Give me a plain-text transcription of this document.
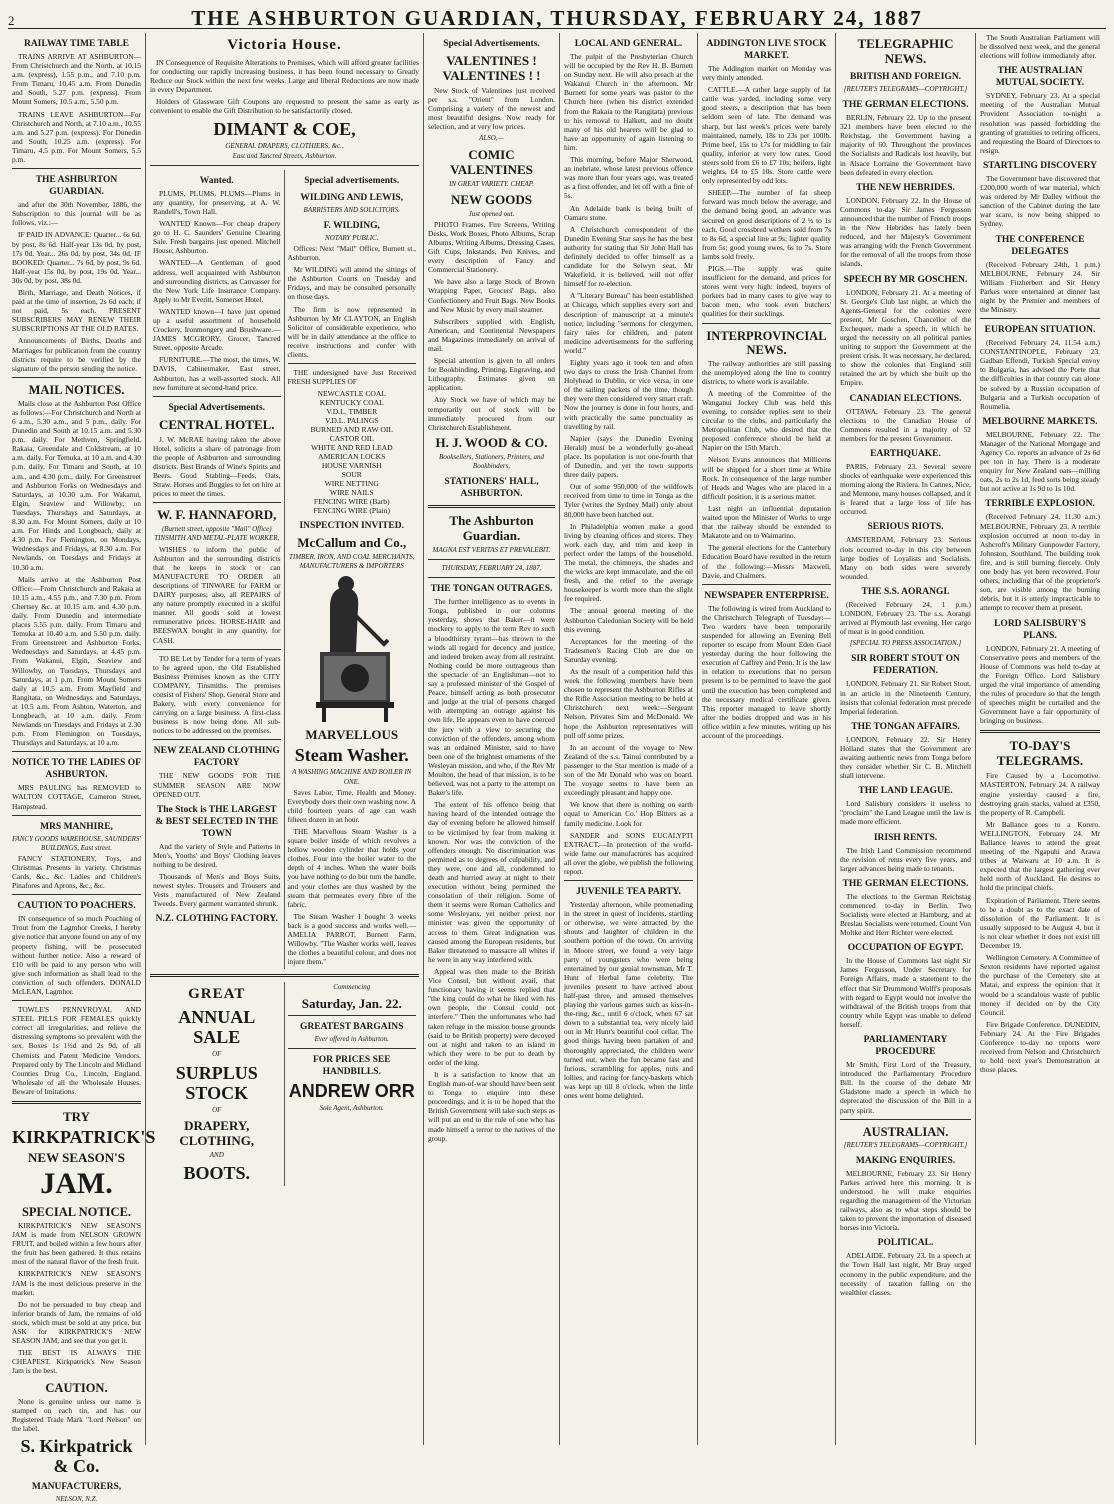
2	THE ASHBURTON GUARDIAN, THURSDAY, FEBRUARY 24, 1887
RAILWAY TIME TABLE

TRAINS ARRIVE AT ASHBURTON—From Christchurch and the North, at 10.15 a.m. (express), 1.55 p.m., and 7.10 p.m. From Timaru, 10.45 a.m. From Dunedin and South, 5.27 p.m. (express). From Mount Somers, 10.5 a.m., 5.50 p.m.

TRAINS LEAVE ASHBURTON—For Christchurch and North, at 7.10 a.m., 10.55 a.m. and 5.27 p.m. (express). For Dunedin and South, 10.25 a.m. (express). For Timaru, 4.5 p.m. For Mount Somers, 5.5 p.m.

THE ASHBURTON GUARDIAN.

and after the 30th November, 1886, the Subscription to this journal will be as follows, viz.:—

IF PAID IN ADVANCE: Quarter... 6s 6d, by post, 8s 6d. Half-year 13s 0d, by post, 17s 0d. Year... 26s 0d, by post, 34s 0d. IF BOOKED: Quarter... 7s 6d, by post, 9s 6d. Half-year 15s 0d, by post, 19s 0d. Year... 30s 0d, by post, 38s 0d.

Birth, Marriage, and Death Notices, if paid at the time of insertion, 2s 6d each; if not paid, 5s each. PRESENT SUBSCRIBERS MAY RENEW THEIR SUBSCRIPTIONS AT THE OLD RATES.

Announcements of Births, Deaths and Marriages for publication from the country districts require to be verified by the signature of the person sending the notice.

MAIL NOTICES.

Mails close at the Ashburton Post Office as follows:—For Christchurch and North at 6 a.m., 5.30 a.m., and 5 p.m., daily. For Dunedin and South at 10.15 a.m. and 5.30 p.m. daily. For Methven, Springfield, Rakaia, Greendale and Coldstream, at 10 a.m. daily. For Temuka, at 10 a.m. and 4.30 p.m. daily. For Timaru and South, at 10 a.m., and 4.30 p.m., daily. For Greenstreet and Ashburton Forks on Wednesdays and Saturdays, at 10.30 a.m. For Wakanui, Elgin, Seaview and Willowby, on Tuesdays, Thursdays and Saturdays, at 8.30 a.m. For Mount Somers, daily at 10 a.m. For Hinds and Longbeach, daily at 4.30 p.m. For Flemington, on Mondays, Wednesdays and Fridays, at 8.30 a.m. For Newlands, on Tuesdays and Fridays at 10.30 a.m.

Mails arrive at the Ashburton Post Office:—From Christchurch and Rakaia at 10.15 a.m., 4.55 p.m., and 7.30 p.m. From Chertsey &c. at 10.15 a.m. and 4.30 p.m. daily. From Dunedin and intermediate places 5.55 p.m. daily. From Timaru and Temuka at 10.40 a.m. and 5.50 p.m. daily. From Greenstreet and Ashburton Forks, Wednesdays and Saturdays, at 4.45 p.m. From Wakanui, Elgin, Seaview and Willowby, on Tuesdays, Thursdays and Saturdays, at 1 p.m. From Mount Somers daily at 10.5 a.m. From Mayfield and Rangitata, on Wednesdays and Saturdays, at 10.5 a.m. From Ashton, Waterton, and Longbeach, at 10 a.m. daily. From Newlands on Tuesdays and Fridays at 2.30 p.m. From Flemington on Tuesdays, Thursdays and Saturdays, at 10 a.m.

NOTICE TO THE LADIES OF ASHBURTON.

MRS PAULING has REMOVED to WALTON COTTAGE, Cameron Street, Hampstead.

MRS MANHIRE,
FANCY GOODS WAREHOUSE, SAUNDERS' BUILDINGS, East street.

FANCY STATIONERY, Toys, and Christmas Presents in variety. Christmas Cards, &c., &c. Ladies and Children's Pinafores and Aprons, &c., &c.

CAUTION TO POACHERS.

IN consequence of so much Poaching of Trout from the Lagmhor Creeks, I hereby give notice that anyone found on any of my property fishing, will be prosecuted without further notice. Also a reward of £10 will be paid to any person who will give such information as shall lead to the conviction of such offenders. DONALD McLEAN, Lagmhor.

TOWLE'S PENNYROYAL AND STEEL PILLS FOR FEMALES quickly correct all irregularities, and relieve the distressing symptoms so prevalent with the sex. Boxes 1s 1½d and 2s 9d, of all Chemists and Patent Medicine Vendors. Prepared only by The Lincoln and Midland Counties Drug Co., Lincoln, England. Wholesale of all the Wholesale Houses. Beware of Imitations.

TRY
KIRKPATRICK'S
NEW SEASON'S
JAM.
SPECIAL NOTICE.

KIRKPATRICK'S NEW SEASON'S JAM is made from NELSON GROWN FRUIT, and boiled within a few hours after the fruit has been gathered. It thus retains most of the natural flavor of the fresh fruit.

KIRKPATRICK'S NEW SEASON'S JAM is the most delicious preserve in the market.

Do not be persuaded to buy cheap and inferior brands of Jam, the remains of old stock, which must be sold at any price, but ASK for KIRKPATRICK'S NEW SEASON JAM, and see that you get it.

THE BEST IS ALWAYS THE CHEAPEST. Kirkpatrick's New Season Jam is the best.

CAUTION.

None is genuine unless our name is stamped on each tin, and has our Registered Trade Mark "Lord Nelson" on the label.

S. Kirkpatrick & Co.
MANUFACTURERS,
NELSON, N.Z.
Victoria House.

IN Consequence of Requisite Alterations to Premises, which will afford greater facilities for conducting our rapidly increasing business, it has been found necessary to Greatly Reduce our Stock within the next few weeks. Large and liberal Reductions are now made in every Department.

Holders of Glassware Gift Coupons are requested to present the same as early as convenient to enable the Gift Distribution to be satisfactorily closed.

DIMANT & COE,
GENERAL DRAPERS, CLOTHIERS, &c.,
East and Tancred Streets, Ashburton.
Wanted.

PLUMS, PLUMS, PLUMS—Plums in any quantity, for preserving, at A. W. Randell's, Town Hall.

WANTED Known—For cheap drapery go to H. C. Saunders' Genuine Clearing Sale. Fresh bargains just opened. Mitchell House, Ashburton.

WANTED—A Gentleman of good address, well acquainted with Ashburton and surrounding districts, as Canvasser for the New York Life Insurance Company. Apply to Mr Everitt, Somerset Hotel.

WANTED known—I have just opened up a useful assortment of household Crockery, Ironmongery and Brushware.—JAMES MCGRORY, Grocer, Tancred Street, opposite Arcade.

FURNITURE.—The most, the times, W. DAVIS, Cabinetmaker, East street, Ashburton, has a well-assorted stock. All new furniture at second-hand price.

Special Advertisements.
CENTRAL HOTEL.

J. W. McRAE having taken the above Hotel, solicits a share of patronage from the people of Ashburton and surrounding districts. Best Brands of Wine's Spirits and Beers. Good Stabling—Feeds, Oats, Straw. Horses and Buggies to let on hire at prices to meet the times.

W. F. HANNAFORD,
(Burnett street, opposite "Mail" Office) TINSMITH AND METAL-PLATE WORKER,

WISHES to inform the public of Ashburton and the surrounding districts that he keeps in stock or can MANUFACTURE TO ORDER all descriptions of TINWARE for FARM or DAIRY purposes; also, all REPAIRS of any nature promptly executed in a skilful manner. All goods sold at lowest remunerative prices. HORSE-HAIR and BEESWAX bought in any quantity, for CASH.

TO BE Let by Tender for a term of years to be agreed upon, the Old Established Business Premises known as the CITY COMPANY, Tinsmiths. The premises consist of Fishers' Shop, General Store and Bakery, with every convenience for carrying on a large business. A first-class business is now being done. All sub-notices to be addressed on the premises.

NEW ZEALAND CLOTHING FACTORY

THE NEW GOODS FOR THE SUMMER SEASON ARE NOW OPENED OUT.

The Stock is THE LARGEST & BEST SELECTED IN THE TOWN

And the variety of Style and Patterns in Men's, Youths' and Boys' Clothing leaves nothing to be desired.

Thousands of Men's and Boys Suits, newest styles. Trousers and Trousers and Vests manufactured of New Zealand Tweeds. Every garment warranted shrunk.

N.Z. CLOTHING FACTORY.
Special advertisements.
WILDING AND LEWIS,
BARRISTERS AND SOLICITORS.
F. WILDING,
NOTARY PUBLIC.

Offices: Next "Mail" Office, Burnett st., Ashburton.

Mr WILDING will attend the sittings of the Ashburton Courts on Tuesday and Fridays, and may be consulted personally on those days.

The firm is now represented in Ashburton by Mr CLAYTON, an English Solicitor of considerable experience, who will be in daily attendance at the office to receive instructions and confer with clients.

THE undersigned have Just Received FRESH SUPPLIES OF

NEWCASTLE COAL
KENTUCKY COAL
V.D.L. TIMBER
V.D.L. PALINGS
BURNED AND RAW OIL
CASTOR OIL
WHITE AND RED LEAD
AMERICAN LOCKS
HOUSE VARNISH
SOUR
WIRE NETTING
WIRE NAILS
FENCING WIRE (Barb)
FENCING WIRE (Plain)
INSPECTION INVITED.
McCallum and Co.,
TIMBER, IRON, AND COAL MERCHANTS, MANUFACTURERS & IMPORTERS
MARVELLOUS
Steam Washer.
A WASHING MACHINE AND BOILER IN ONE.

Saves Labor, Time, Health and Money. Everybody does their own washing now. A child fourteen years of age can wash fifteen dozen in an hour.

THE Marvellous Steam Washer is a square boiler inside of which revolves a hollow wooden cylinder that holds your clothes. Four into the boiler water to the depth of 4 inches. When the water boils you have nothing to do but turn the handle, and your clothes are thus washed by the steam that permeates every fibre of the fabric.

The Steam Washer I bought 3 weeks back is a good success and works well.—AMELIA PARROT, Burnett Farm, Willowby. "The Washer works well, leaves the clothes a beautiful colour, and does not injure them."

GREAT
ANNUAL SALE
OF
SURPLUS STOCK
OF
DRAPERY, CLOTHING,
AND
BOOTS.
Commencing
Saturday, Jan. 22.
GREATEST BARGAINS
Ever offered in Ashburton.
FOR PRICES SEE HANDBILLS.
ANDREW ORR
Sole Agent, Ashburton.
Special Advertisements.
VALENTINES ! VALENTINES ! !

New Stock of Valentines just received per s.s. "Orient" from London. Comprising a variety of the newest and most beautiful designs. Now ready for selection, and at very low prices.

ALSO,—
COMIC VALENTINES
IN GREAT VARIETY. CHEAP.
NEW GOODS
Just opened out.

PHOTO Frames, Fire Screens, Writing Desks, Work Boxes, Photo Albums, Scrap Albums, Writing Albums, Dressing Cases, Gift Cups, Inkstands, Pen Knives, and every description of Fancy and Commercial Stationery.

We have also a large Stock of Brown Wrapping Paper, Grocers' Bags, also Confectionery and Fruit Bags. New Books and New Music by every mail steamer.

Subscribers supplied with English, American, and Continental Newspapers and Magazines immediately on arrival of mail.

Special attention is given to all orders for Bookbinding, Printing, Engraving, and Lithography. Estimates given on application.

Any Stock we have of which may be temporarily out of stock will be immediately procured from our Christchurch Establishment.

H. J. WOOD & CO.
Booksellers, Stationers, Printers, and Bookbinders,
STATIONERS' HALL, ASHBURTON.
The Ashburton Guardian.
MAGNA EST VERITAS ET PREVALEBIT.
THURSDAY, FEBRUARY 24, 1887.
THE TONGAN OUTRAGES.

The further intelligence as to events in Tonga, published in our columns yesterday, shows that Baker—it were mockery to apply to the term Rev to such a bloodthirsty tyrant—has thrown to the winds all regard for decency and justice, and indeed broken away from all restraint. Nothing could be more outrageous than the spectacle of an Englishman—not to say a professed minister of the Gospel of Peace, himself acting as both prosecutor and judge at the trial of persons charged with attempting an outrage against his own life. He appears even to have coerced the jury with a view to securing the conviction of the offenders, among whom was an ordained Minister, said to have been one of the brightest ornaments of the Wesleyan mission, and who, if the Rev Mr Moulton, the head of that mission, is to be believed, was not a party to the attempt on Baker's life.

The extent of his offence being that having heard of the intended outrage the day of evening before he allowed himself to be victimised by fear from making it known. Nor was the conviction of the offenders enough. No discrimination was permitted as to degrees of culpability, and they were, one and all, condemned to death and hurried away at night to their execution without being permitted the consolation of their religion. Some of them it seems were Roman Catholics and some Wesleyans, yet neither priest nor minister was given the opportunity of access to them. Great indignation was caused among the European residents, but Baker threatened to massacre all whites if he were in any way interfered with.

Appeal was then made to the British Vice Consul, but without avail, that functionary having it seems replied that "the king could do what he liked with his own people, the Consul could not interfere." Then the unfortunates who had taken refuge in the mission house grounds (said to be British property) were decoyed out at night and taken to an island in which they were to be put to death by order of the king.

It is a satisfaction to know that an English man-of-war should have been sent to Tonga to enquire into these proceedings, and it is to be hoped that the British Government will take such steps as will put an end to the rule of one who has made himself a terror to the natives of the group.

LOCAL AND GENERAL.

The pulpit of the Presbyterian Church will be occupied by the Rev H. B. Burnett on Sunday next. He will also preach at the Wakanui Church in the afternoon. Mr Burnett for some years was pastor to the Church here (when his district extended from the Rakaia to the Rangitata) previous to his removal to Halkett, and no doubt many of his old hearers will be glad to have an opportunity of again listening to him.

This morning, before Major Sherwood, an inebriate, whose latest previous offence was more than four years ago, was treated as a first offender, and let off with a fine of 5s.

An Adelaide bank is being built of Oamaru stone.

A Christchurch correspondent of the Dunedin Evening Star says he has the best authority for stating that Sir John Hall has definitely decided to offer himself as a candidate for the Selwyn seat. Mr Wakefield, it is believed, will not offer himself for re-election.

A "Literary Bureau" has been established at Chicago, which supplies every sort and description of manuscript at a minute's notice, including "sermons for clergymen, fairy tales for children, and patent medicine advertisements for the suffering world."

Eighty years ago it took ten and often two days to cross the Irish Channel from Holyhead to Dublin, or vice versa, in one of the sailing packets of the time, though they were then considered very smart craft. Now the journey is done in four hours, and with practically the same punctuality as travelling by rail.

Napier (says the Dunedin Evening Herald) must be a wonderfully go-ahead place. Its population is not one-fourth that of Dunedin, and yet the town supports three daily papers.

Out of some 950,000 of the wildfowls received from time to time in Tonga as the Tyler (writes the Sydney Mail) only about 80,000 have been hatched out.

In Philadelphia women make a good living by cleaning offices and stores. They work each day, and trim and keep in perfect order the lamps of the household. The metal, the chimneys, the shades and the wicks are kept immaculate, and the oil fresh, and the relief to the average housekeeper is worth more than the slight fee required.

The annual general meeting of the Ashburton Caledonian Society will be held this evening.

Acceptances for the meeting of the Tradesmen's Racing Club are due on Saturday evening.

As the result of a competition held this week the following members have been chosen to represent the Ashburton Rifles at the Rifle Association meeting to be held at Christchurch next week:—Sergeant Nelson, Privates Sim and McDonald. We hope the Ashburton representatives will pull off some prizes.

In an account of the voyage to New Zealand of the s.s. Tainui contributed by a passenger to the Star mention is made of a son of the Mr Donald who was on board. The voyage seems to have been an exceedingly pleasant and happy one.

We know that there is nothing on earth equal to American Co.' Hop Bitters as a family medicine. Look for

SANDER and SONS EUCALYPTI EXTRACT.—In protection of the world-wide fame our manufactures has acquired all over the globe, we publish the following report.

JUVENILE TEA PARTY.

Yesterday afternoon, while promenading in the street in quest of incidents, startling or otherwise, we were attracted by the shouts and laughter of children in the southern portion of the town. On arriving in Moore street, we found a very large party of youngsters who were being entertained by our genial townsman, Mr T. Hunt of Herbal fame celebrity. The juveniles present to have arrived about half-past three, and amused themselves playing the various games such as kiss-in-the-ring, &c., until 6 o'clock, when 67 sat down to a substantial tea, very nicely laid out in Mr Hunt's beautiful cool cellar. The good things having been partaken of and thoroughly appreciated, the children were turned out, when the fun became fast and furious, scrambling for apples, nuts and lollies, and racing for fancy-baskets which was kept up till 8 o'clock, when the little ones went home delighted.

ADDINGTON LIVE STOCK MARKET.

The Addington market on Monday was very thinly attended.

CATTLE.—A rather large supply of fat cattle was yarded, including some very good steers, a description that has been seldom seen of late. The demand was sharp, but last week's prices were barely maintained, namely, 18s to 23s per 100lb. Prime beef, 15s to 17s for middling to fair quality, inferior at very low rates. Good steers sold from £6 to £7 10s; heifers, light weights, £4 to £5 10s. Store cattle were only represented by odd lots.

SHEEP.—The number of fat sheep forward was much below the average, and the demand being good, an advance was secured on good descriptions of 2 ½ to 1s each. Good crossbred wethers sold from 7s to 8s 6d, a special line at 9s; lighter quality from 5s; good young ewes, 6s to 7s. Store lambs sold freely.

PIGS.—The supply was quite insufficient for the demand, and prices for stores went very high: indeed, buyers of porkers had in many cases to give way to bacon men, who took even butchers' qualities for their sucklings.

INTERPROVINCIAL NEWS.

The railway authorities are still passing the unemployed along the line to country districts, to where work is available.

A meeting of the Committee of the Wanganui Jockey Club was held this evening, to consider replies sent to their circular to the clubs, and particularly the Metropolitan Club, who desired that the proposed conference should be held at Napier on the 15th March.

Nelson Evans announces that Millicens will be shipped for a short time at White Rock. In consequence of the large number of Heads and Wages who are placed in a difficult position, it is a serious matter.

Last night an influential deputation waited upon the Minister of Works to urge that the railway should be extended to Makatote and on to Waimarino.

The general elections for the Canterbury Education Board have resulted in the return of the following:—Messrs Maxwell, Davie, and Chalmers.

NEWSPAPER ENTERPRISE.

The following is wired from Auckland to the Christchurch Telegraph of Tuesday:—Two warders have been temporarily suspended for allowing an Evening Bell reporter to escape from Mount Eden Gaol yesterday during the hour following the execution of Caffrey and Penn. It is the law in relation to executions that no person present is to be permitted to leave the gaol until the execution has been completed and the necessary medical certificate given. This reporter managed to leave shortly after the bodies dropped and was in his office within a few minutes, writing up his account of the proceedings.

TELEGRAPHIC NEWS.
BRITISH AND FOREIGN.
[REUTER'S TELEGRAMS—COPYRIGHT.]
THE GERMAN ELECTIONS.

BERLIN, February 22. Up to the present 321 members have been elected to the Reichstag, the Government having a majority of 60. Throughout the provinces the Socialists and Radicals lost heavily, but in Alsace Lorraine the Government have been defeated in every election.

THE NEW HEBRIDES.

LONDON, February 22. In the House of Commons to-day Sir James Fergusson announced that the number of French troops in the New Hebrides has lately been reduced, and her Majesty's Government was arranging with the French Government for the removal of all the troops from those islands.

SPEECH BY MR GOSCHEN.

LONDON, February 21. At a meeting of St. George's Club last night, at which the Agents-General for the colonies were present, Mr Goschen, Chancellor of the Exchequer, made a speech, in which he urged the necessity on all political parties uniting to support the Government at the present crisis. It was necessary, he declared, to show the colonies that England still retained the art by which she built up the Empire.

CANADIAN ELECTIONS.

OTTAWA, February 23. The general elections to the Canadian House of Commons resulted in a majority of 52 members for the present Government.

EARTHQUAKE.

PARIS, February 23. Several severe shocks of earthquake were experienced this morning along the Riviera. In Cannes, Nice, and Mentone, many houses collapsed, and it is feared that a large loss of life has occurred.

SERIOUS RIOTS.

AMSTERDAM, February 23. Serious riots occurred to-day in this city between large bodies of Loyalists and Socialists. Many on both sides were severely wounded.

THE S.S. AORANGI.

(Received February 24, 1 p.m.) LONDON, February 23. The s.s. Aorangi arrived at Plymouth last evening. Her cargo of meat is in good condition.

[SPECIAL TO PRESS ASSOCIATION.]
SIR ROBERT STOUT ON FEDERATION.

LONDON, February 21. Sir Robert Stout, in an article in the Nineteenth Century, insists that colonial federation must precede Imperial federation.

THE TONGAN AFFAIRS.

LONDON, February 22. Sir Henry Holland states that the Government are awaiting authentic news from Tonga before they consider whether Sir C. B. Mitchell shall intervene.

THE LAND LEAGUE.

Lord Salisbury considers it useless to "proclaim" the Land League until the law is made more efficient.

IRISH RENTS.

The Irish Land Commission recommend the revision of rents every five years, and larger advances being made to tenants.

THE GERMAN ELECTIONS.

The elections to the German Reichstag commenced to-day in Berlin. Two Socialists were elected at Hamburg, and at Breslau Socialists were returned. Count Von Moltke and Herr Richter were elected.

OCCUPATION OF EGYPT.

In the House of Commons last night Sir James Fergusson, Under Secretary for Foreign Affairs, made a statement to the effect that Sir Drummond Wolff's proposals with regard to Egypt would not involve the withdrawal of the British troops from that country while Egypt was unable to defend herself.

PARLIAMENTARY PROCEDURE

Mr Smith, First Lord of the Treasury, introduced the Parliamentary Procedure Bill. In the course of the debate Mr Gladstone made a speech in which he deprecated the discussion of the Bill in a party spirit.

AUSTRALIAN.
[REUTER'S TELEGRAMS—COPYRIGHT.]
MAKING ENQUIRIES.

MELBOURNE, February 23. Sir Henry Parkes arrived here this morning. It is understood he will make enquiries regarding the management of the Victorian railways, also as to what steps should be taken to prevent the importation of diseased horses into Victoria.

POLITICAL.

ADELAIDE, February 23. In a speech at the Town Hall last night, Mr Bray urged economy in the public expenditure, and the necessity of taxation falling on the wealthier classes.

The South Australian Parliament will be dissolved next week, and the general elections will follow immediately after.

THE AUSTRALIAN MUTUAL SOCIETY.

SYDNEY, February 23. At a special meeting of the Australian Mutual Provident Association to-night a resolution was passed forbidding the granting of gratuities to retiring officers, and requesting the Board of Directors to resign.

STARTLING DISCOVERY

The Government have discovered that £200,000 worth of war material, which was ordered by Mr Dalley without the sanction of the Cabinet during the late war scare, is now being shipped to Sydney.

THE CONFERENCE DELEGATES

(Received February 24th, 1 p.m.) MELBOURNE, February 24. Sir William Fitzherbert and Sir Henry Parkes were entertained at dinner last night by the Premier and members of the Ministry.

EUROPEAN SITUATION.

(Received February 24, 11.54 a.m.) CONSTANTINOPLE, February 23. Gadban Effendi, Turkish Special envoy to Bulgaria, has advised the Porte that the difficulties in that country can alone be solved by a Russian occupation of Bulgaria and a Turkish occupation of Roumelia.

MELBOURNE MARKETS.

MELBOURNE, February 22. The Manager of the National Mortgage and Agency Co. reports an advance of 2s 6d per ton in hay. There is a moderate enquiry for New Zealand oats—milling oats, 2s to 2s 1d, feed sorts being steady but not active at 1s 9d to 1s 10d.

TERRIBLE EXPLOSION.

(Received February 24, 11.30 a.m.) MELBOURNE, February 23. A terrible explosion occurred at noon to-day in Ashcroft's Military Gunpowder Factory, Johnston, Southland. The building took fire, and is still burning fiercely. Only one body has yet been recovered. Four others, including that of the proprietor's son, are visible among the burning debris, but it is utterly impracticable to attempt to recover them at present.

LORD SALISBURY'S PLANS.

LONDON, February 21. A meeting of Conservative peers and members of the House of Commons was held to-day at the Foreign Office. Lord Salisbury urged the vital importance of amending the rules of procedure so that the length of speeches might be curtailed and the Government have a fair opportunity of bringing on business.

TO-DAY'S TELEGRAMS.

Fire Caused by a Locomotive. MASTERTON, February 24. A railway engine yesterday caused a fire, destroying grain stacks, valued at £350, the property of R. Campbell.

Mr Ballance goes to a Korero. WELLINGTON, February 24. Mr Ballance leaves to attend the great meeting of the Ngapuhi and Arawa tribes at Waiwaru at 10 a.m. It is expected that the largest gathering ever held north of Auckland. He desires to hold the principal chiefs.

Expiration of Parliament. There seems to be a doubt as to the exact date of dissolution of the Parliament. It is usually supposed to be August 4, but it is not clear whether it does not exist till December 19.

Wellington Cemetery. A Committee of Sexton residents have reported against the purchase of the Cemetery site at Matai, and express the opinion that it would be a scandalous waste of public money if decided on by the City Council.

Fire Brigade Conference. DUNEDIN, February 24. At the Fire Brigades Conference to-day no reports were received from Nelson and Christchurch to hold next year's Demonstration at those places.
